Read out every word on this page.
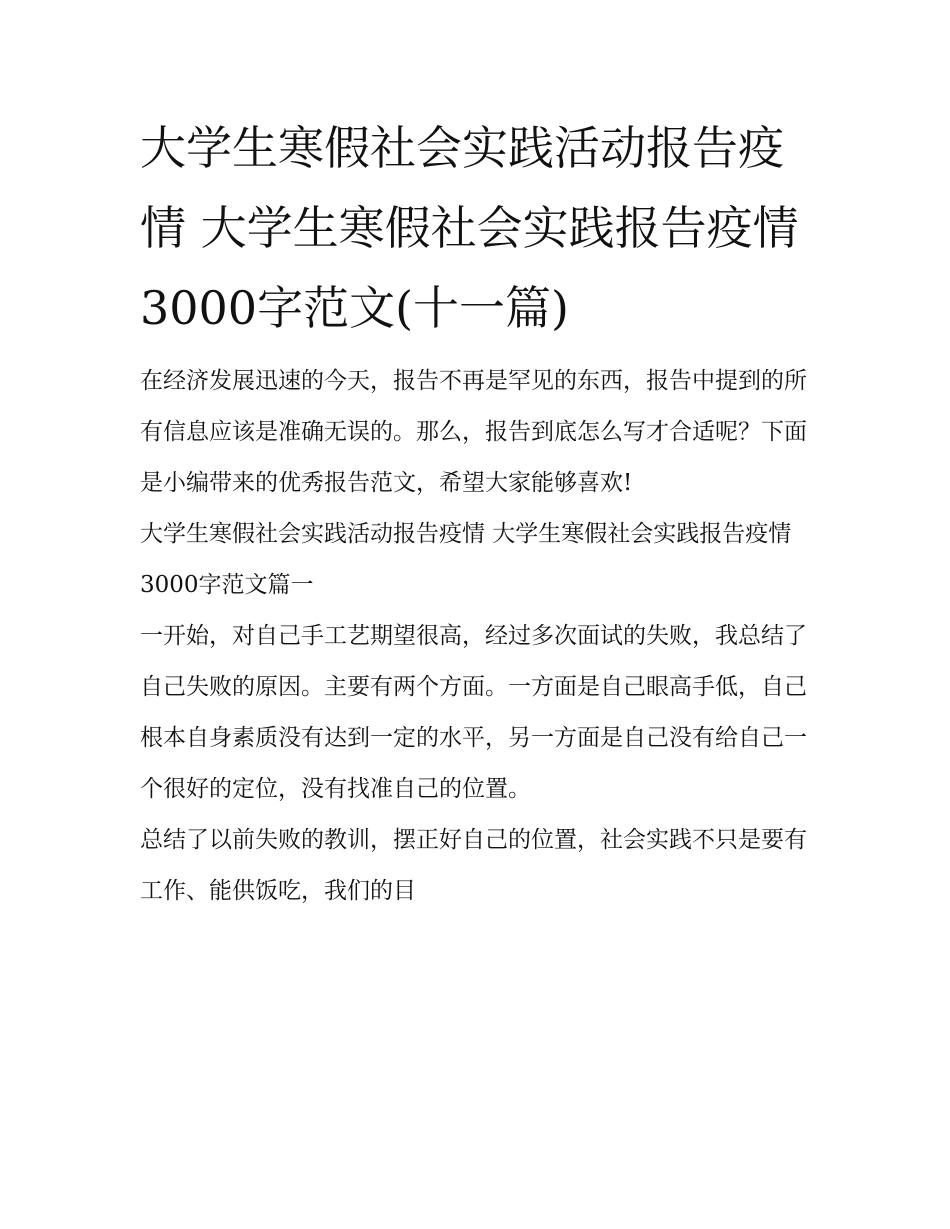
大学生寒假社会实践活动报告疫情 大学生寒假社会实践报告疫情3000字范文(十一篇)

在经济发展迅速的今天，报告不再是罕见的东西，报告中提到的所有信息应该是准确无误的。那么，报告到底怎么写才合适呢？下面是小编带来的优秀报告范文，希望大家能够喜欢!

大学生寒假社会实践活动报告疫情 大学生寒假社会实践报告疫情3000字范文篇一

一开始，对自己手工艺期望很高，经过多次面试的失败，我总结了自己失败的原因。主要有两个方面。一方面是自己眼高手低，自己根本自身素质没有达到一定的水平，另一方面是自己没有给自己一个很好的定位，没有找准自己的位置。

总结了以前失败的教训，摆正好自己的位置，社会实践不只是要有工作、能供饭吃，我们的目
